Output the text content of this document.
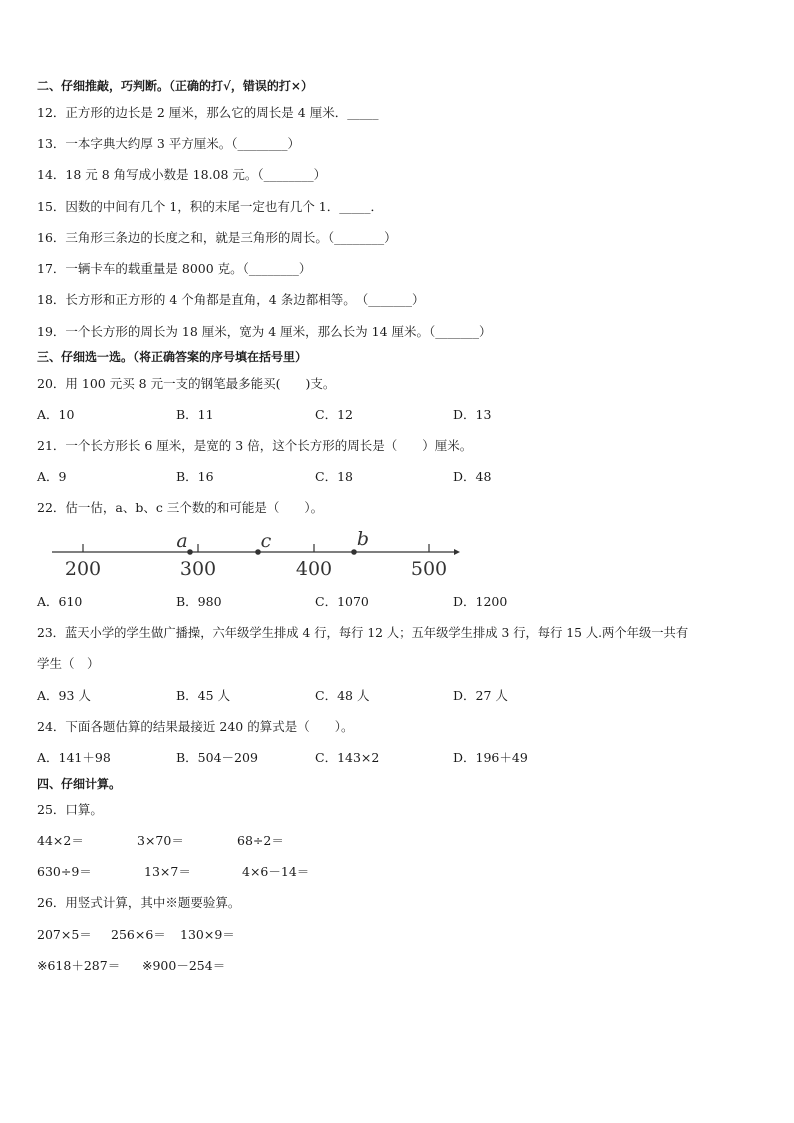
二、仔细推敲，巧判断。（正确的打√，错误的打×）
12．正方形的边长是 2 厘米，那么它的周长是 4 厘米．_____
13．一本字典大约厚 3 平方厘米。（________）
14．18 元 8 角写成小数是 18.08 元。（________）
15．因数的中间有几个 1，积的末尾一定也有几个 1．_____．
16．三角形三条边的长度之和，就是三角形的周长。（________）
17．一辆卡车的载重量是 8000 克。（________）
18．长方形和正方形的 4 个角都是直角，4 条边都相等。　（_______）
19．一个长方形的周长为 18 厘米，宽为 4 厘米，那么长为 14 厘米。（_______）
三、仔细选一选。（将正确答案的序号填在括号里）
20．用 100 元买 8 元一支的钢笔最多能买(　　)支。
A．10	B．11	C．12	D．13
21．一个长方形长 6 厘米，是宽的 3 倍，这个长方形的周长是（　　）厘米。
A．9	B．16	C．18	D．48
22．估一估，a、b、c 三个数的和可能是（　　）。
200	300	400	500
a	c	b
A．610	B．980	C．1070	D．1200
23．蓝天小学的学生做广播操，六年级学生排成 4 行，每行 12 人；五年级学生排成 3 行，每行 15 人.两个年级一共有
学生（　）
A．93 人	B．45 人	C．48 人	D．27 人
24．下面各题估算的结果最接近 240 的算式是（　　）。
A．141＋98	B．504－209	C．143×2	D．196＋49
四、仔细计算。
25．口算。
44×2＝	3×70＝	68÷2＝
630÷9＝	13×7＝	4×6－14＝
26．用竖式计算，其中※题要验算。
207×5＝ 256×6＝ 130×9＝
※618＋287＝ ※900－254＝
